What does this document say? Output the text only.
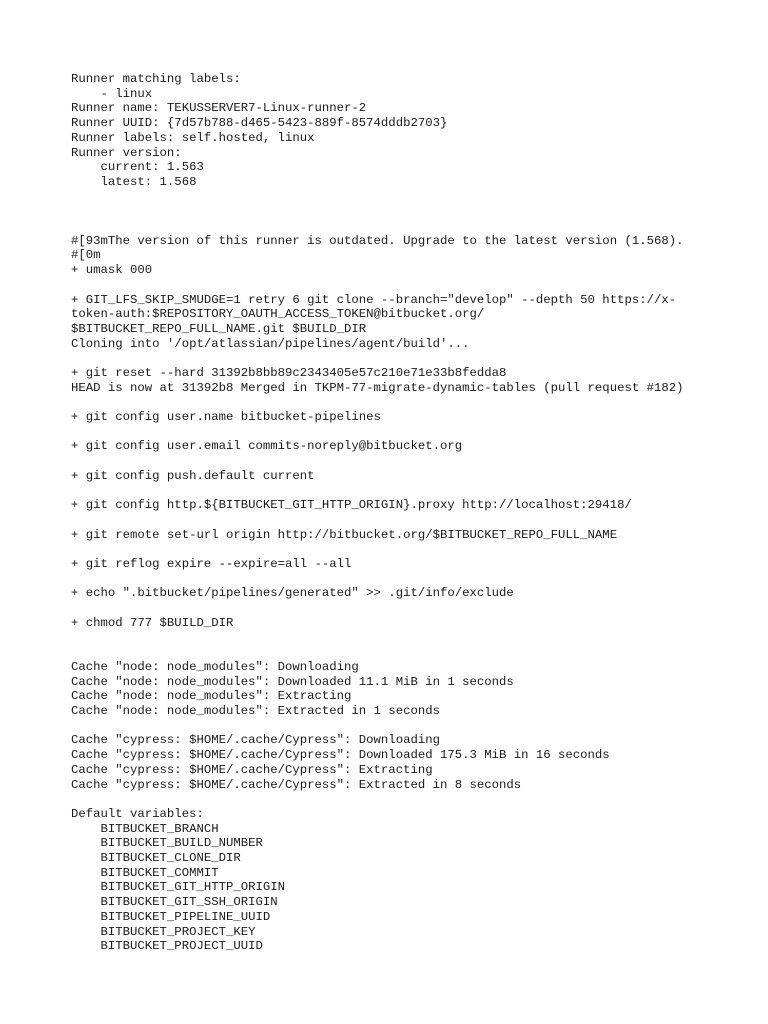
Runner matching labels:
- linux
Runner name: TEKUSSERVER7-Linux-runner-2
Runner UUID: {7d57b788-d465-5423-889f-8574dddb2703}
Runner labels: self.hosted, linux
Runner version:
current: 1.563
latest: 1.568
#[93mThe version of this runner is outdated. Upgrade to the latest version (1.568).
#[0m
+ umask 000
+ GIT_LFS_SKIP_SMUDGE=1 retry 6 git clone --branch="develop" --depth 50 https://x-
token-auth:$REPOSITORY_OAUTH_ACCESS_TOKEN@bitbucket.org/
$BITBUCKET_REPO_FULL_NAME.git $BUILD_DIR
Cloning into '/opt/atlassian/pipelines/agent/build'...
+ git reset --hard 31392b8bb89c2343405e57c210e71e33b8fedda8
HEAD is now at 31392b8 Merged in TKPM-77-migrate-dynamic-tables (pull request #182)
+ git config user.name bitbucket-pipelines
+ git config user.email commits-noreply@bitbucket.org
+ git config push.default current
+ git config http.${BITBUCKET_GIT_HTTP_ORIGIN}.proxy http://localhost:29418/
+ git remote set-url origin http://bitbucket.org/$BITBUCKET_REPO_FULL_NAME
+ git reflog expire --expire=all --all
+ echo ".bitbucket/pipelines/generated" >> .git/info/exclude
+ chmod 777 $BUILD_DIR
Cache "node: node_modules": Downloading
Cache "node: node_modules": Downloaded 11.1 MiB in 1 seconds
Cache "node: node_modules": Extracting
Cache "node: node_modules": Extracted in 1 seconds
Cache "cypress: $HOME/.cache/Cypress": Downloading
Cache "cypress: $HOME/.cache/Cypress": Downloaded 175.3 MiB in 16 seconds
Cache "cypress: $HOME/.cache/Cypress": Extracting
Cache "cypress: $HOME/.cache/Cypress": Extracted in 8 seconds
Default variables:
BITBUCKET_BRANCH
BITBUCKET_BUILD_NUMBER
BITBUCKET_CLONE_DIR
BITBUCKET_COMMIT
BITBUCKET_GIT_HTTP_ORIGIN
BITBUCKET_GIT_SSH_ORIGIN
BITBUCKET_PIPELINE_UUID
BITBUCKET_PROJECT_KEY
BITBUCKET_PROJECT_UUID
